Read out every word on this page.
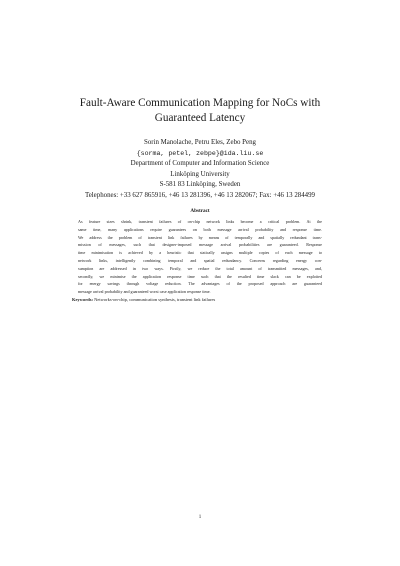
Fault-Aware Communication Mapping for NoCs with
Guaranteed Latency
Sorin Manolache, Petru Eles, Zebo Peng
{sorma, petel, zebpe}@ida.liu.se
Department of Computer and Information Science
Linköping University
S-581 83 Linköping, Sweden
Telephones: +33 627 865916, +46 13 281396, +46 13 282067; Fax: +46 13 284499
Abstract
As feature sizes shrink, transient failures of on-chip network links become a critical problem. At the
same time, many applications require guarantees on both message arrival probability and response time.
We address the problem of transient link failures by means of temporally and spatially redundant trans-
mission of messages, such that designer-imposed message arrival probabilities are guaranteed. Response
time minimisation is achieved by a heuristic that statically assigns multiple copies of each message to
network links, intelligently combining temporal and spatial redundancy. Concerns regarding energy con-
sumption are addressed in two ways. Firstly, we reduce the total amount of transmitted messages, and,
secondly, we minimise the application response time such that the resulted time slack can be exploited
for energy savings through voltage reduction. The advantages of the proposed approach are guaranteed
message arrival probability and guaranteed worst case application response time.
Keywords: Networks-on-chip, communication synthesis, transient link failures
1
